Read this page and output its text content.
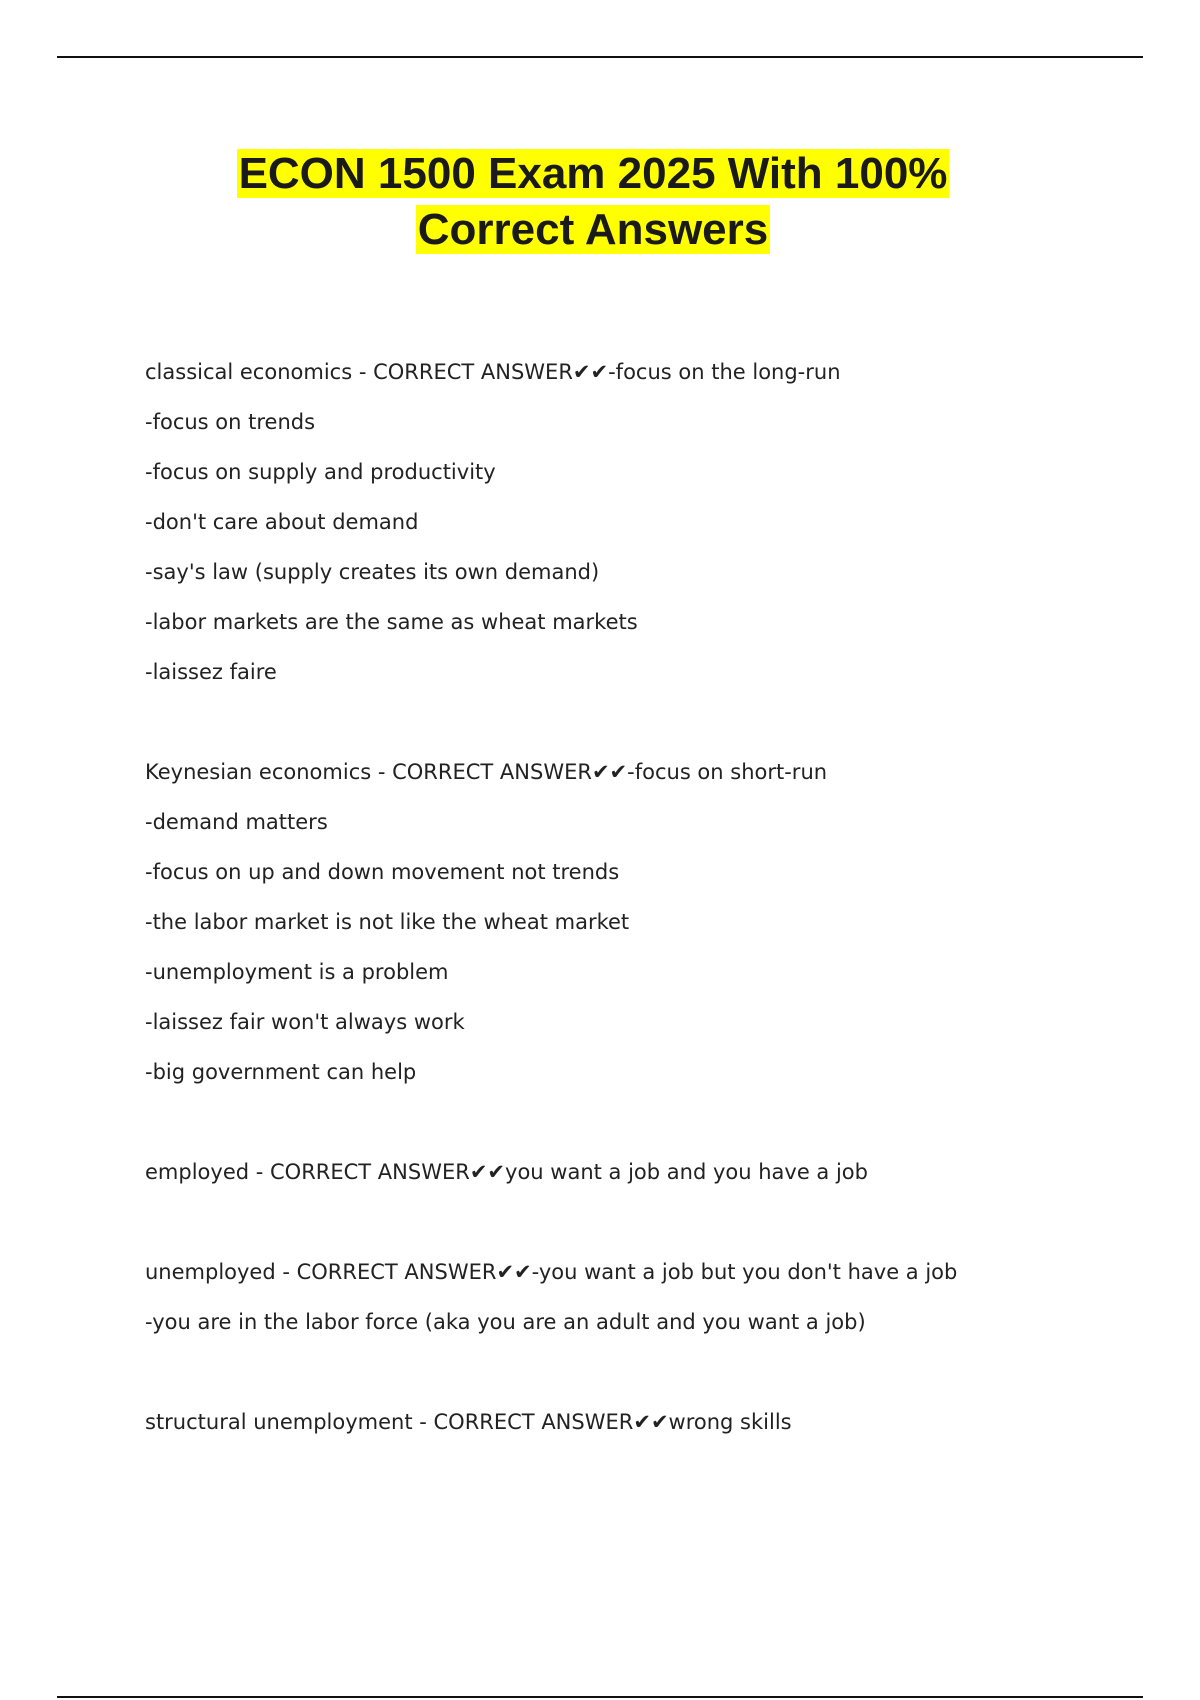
ECON 1500 Exam 2025 With 100%
Correct Answers
classical economics - CORRECT ANSWER✔✔-focus on the long-run
-focus on trends
-focus on supply and productivity
-don't care about demand
-say's law (supply creates its own demand)
-labor markets are the same as wheat markets
-laissez faire
Keynesian economics - CORRECT ANSWER✔✔-focus on short-run
-demand matters
-focus on up and down movement not trends
-the labor market is not like the wheat market
-unemployment is a problem
-laissez fair won't always work
-big government can help
employed - CORRECT ANSWER✔✔you want a job and you have a job
unemployed - CORRECT ANSWER✔✔-you want a job but you don't have a job
-you are in the labor force (aka you are an adult and you want a job)
structural unemployment - CORRECT ANSWER✔✔wrong skills
